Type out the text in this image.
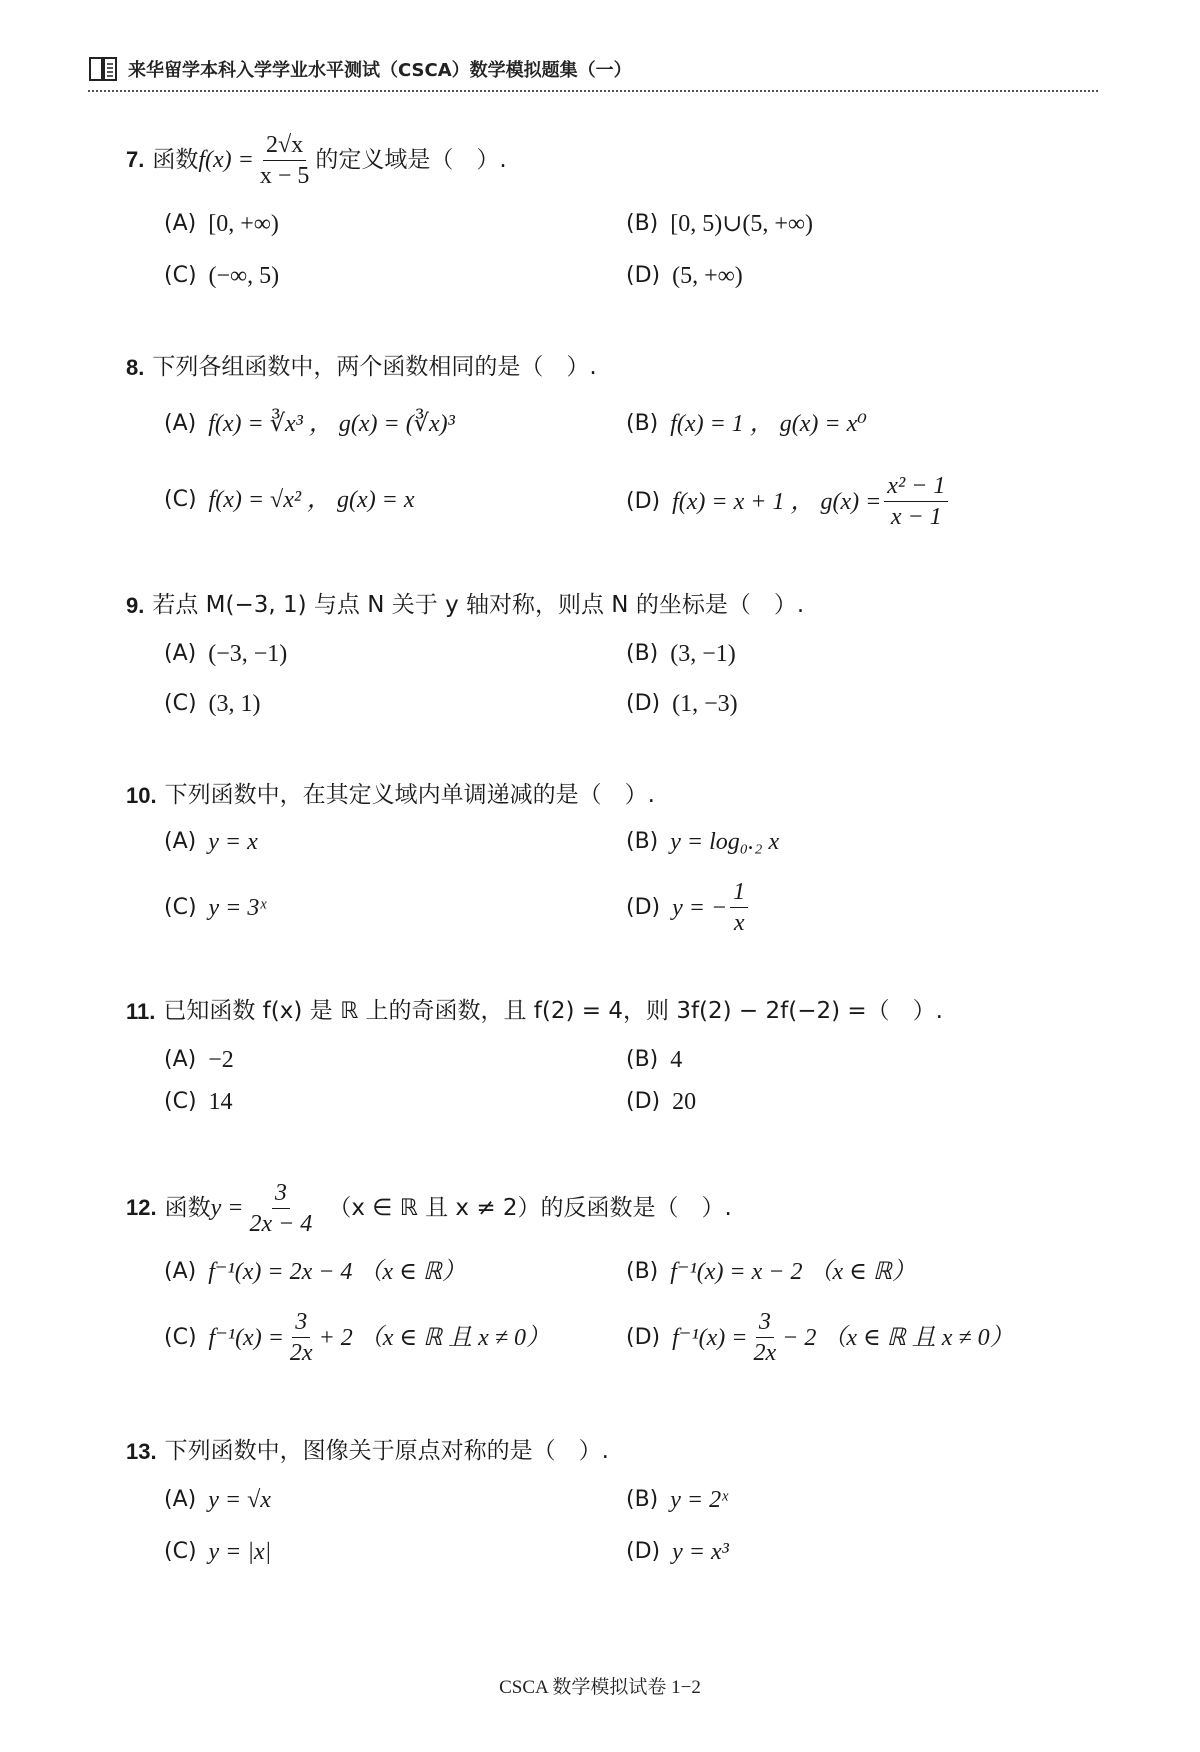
来华留学本科入学学业水平测试（CSCA）数学模拟题集（一）
7. 函数 $f(x) = \frac{2√x}{x - 5}$ 的定义域是（　）.
(A) [0, +∞)	(B) [0, 5)∪(5, +∞)
(C) (−∞, 5)	(D) (5, +∞)
8. 下列各组函数中，两个函数相同的是（　）.
(A) f(x) = ∛x³ ， g(x) = (∛x)³	(B) f(x) = 1 ， g(x) = x⁰
(C) f(x) = √x² ， g(x) = x	(D) f(x) = x + 1 ， $g(x) = \frac{\text{x² − 1}}{x - 1}$
9. 若点 M(−3, 1) 与点 N 关于 y 轴对称，则点 N 的坐标是（　）.
(A) (−3, −1)	(B) (3, −1)
(C) (3, 1)	(D) (1, −3)
10. 下列函数中，在其定义域内单调递减的是（　）.
(A) y = x	(B) y = log₀.₂ x
(C) y = 3ˣ	(D) y = − $\frac{1}{x}$
11. 已知函数 f(x) 是 ℝ 上的奇函数，且 f(2) = 4，则 3f(2) − 2f(−2) =（　）.
(A) −2	(B) 4
(C) 14	(D) 20
12. 函数 $y = \frac{3}{2x - 4} (x$ ∈ ℝ 且 x ≠ 2）的反函数是（　）.
(A) f⁻¹(x) = 2x − 4 （x ∈ ℝ）	(B) f⁻¹(x) = x − 2 （x ∈ ℝ）
(C) $f^{-1}(x) = \frac{3}{2x} + 2$ （x ∈ ℝ 且 x ≠ 0）	(D) $f^{-1}(x) = \frac{3}{2x} - 2$ （x ∈ ℝ 且 x ≠ 0）
13. 下列函数中，图像关于原点对称的是（　）.
(A) y = √x	(B) y = 2ˣ
(C) y = |x|	(D) y = x³
CSCA 数学模拟试卷 1−2
